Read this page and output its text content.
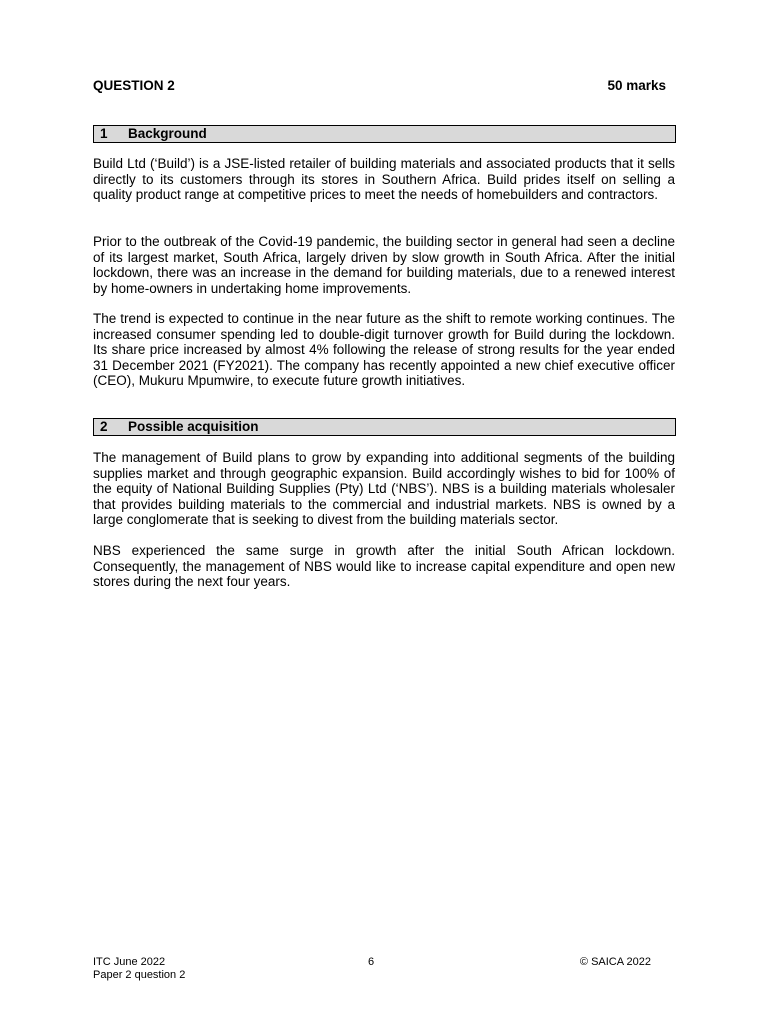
QUESTION 2	50 marks
1 Background

Build Ltd (‘Build’) is a JSE-listed retailer of building materials and associated products that it sells directly to its customers through its stores in Southern Africa. Build prides itself on selling a quality product range at competitive prices to meet the needs of homebuilders and contractors.

Prior to the outbreak of the Covid-19 pandemic, the building sector in general had seen a decline of its largest market, South Africa, largely driven by slow growth in South Africa. After the initial lockdown, there was an increase in the demand for building materials, due to a renewed interest by home-owners in undertaking home improvements.

The trend is expected to continue in the near future as the shift to remote working continues. The increased consumer spending led to double-digit turnover growth for Build during the lockdown. Its share price increased by almost 4% following the release of strong results for the year ended 31 December 2021 (FY2021). The company has recently appointed a new chief executive officer (CEO), Mukuru Mpumwire, to execute future growth initiatives.

2 Possible acquisition

The management of Build plans to grow by expanding into additional segments of the building supplies market and through geographic expansion. Build accordingly wishes to bid for 100% of the equity of National Building Supplies (Pty) Ltd (‘NBS’). NBS is a building materials wholesaler that provides building materials to the commercial and industrial markets. NBS is owned by a large conglomerate that is seeking to divest from the building materials sector.

NBS experienced the same surge in growth after the initial South African lockdown. Consequently, the management of NBS would like to increase capital expenditure and open new stores during the next four years.

ITC June 2022
Paper 2 question 2
6	© SAICA 2022
